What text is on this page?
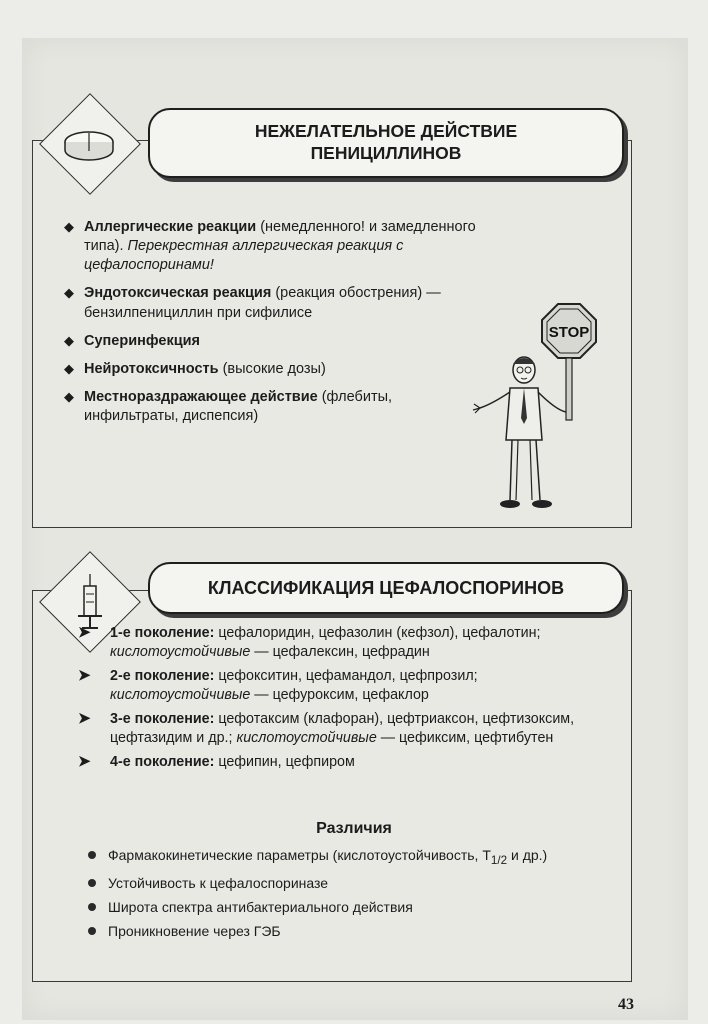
НЕЖЕЛАТЕЛЬНОЕ ДЕЙСТВИЕ
ПЕНИЦИЛЛИНОВ
◆ Аллергические реакции (немедленного! и замедленного типа). Перекрестная аллергическая реакция с цефалоспоринами!
◆ Эндотоксическая реакция (реакция обострения) — бензилпенициллин при сифилисе
◆ Суперинфекция
◆ Нейротоксичность (высокие дозы)
◆ Местнораздражающее действие (флебиты, инфильтраты, диспепсия)
STOP
КЛАССИФИКАЦИЯ ЦЕФАЛОСПОРИНОВ
➤ 1-е поколение: цефалоридин, цефазолин (кефзол), цефалотин; кислотоустойчивые — цефалексин, цефрадин
➤ 2-е поколение: цефокситин, цефамандол, цефпрозил; кислотоустойчивые — цефуроксим, цефаклор
➤ 3-е поколение: цефотаксим (клафоран), цефтриаксон, цефтизоксим, цефтазидим и др.; кислотоустойчивые — цефиксим, цефтибутен
➤ 4-е поколение: цефипин, цефпиром
Различия
Фармакокинетические параметры (кислотоустойчивость, $Т_{1/2}$ и др.)
Устойчивость к цефалоспориназе
Широта спектра антибактериального действия
Проникновение через ГЭБ
43
